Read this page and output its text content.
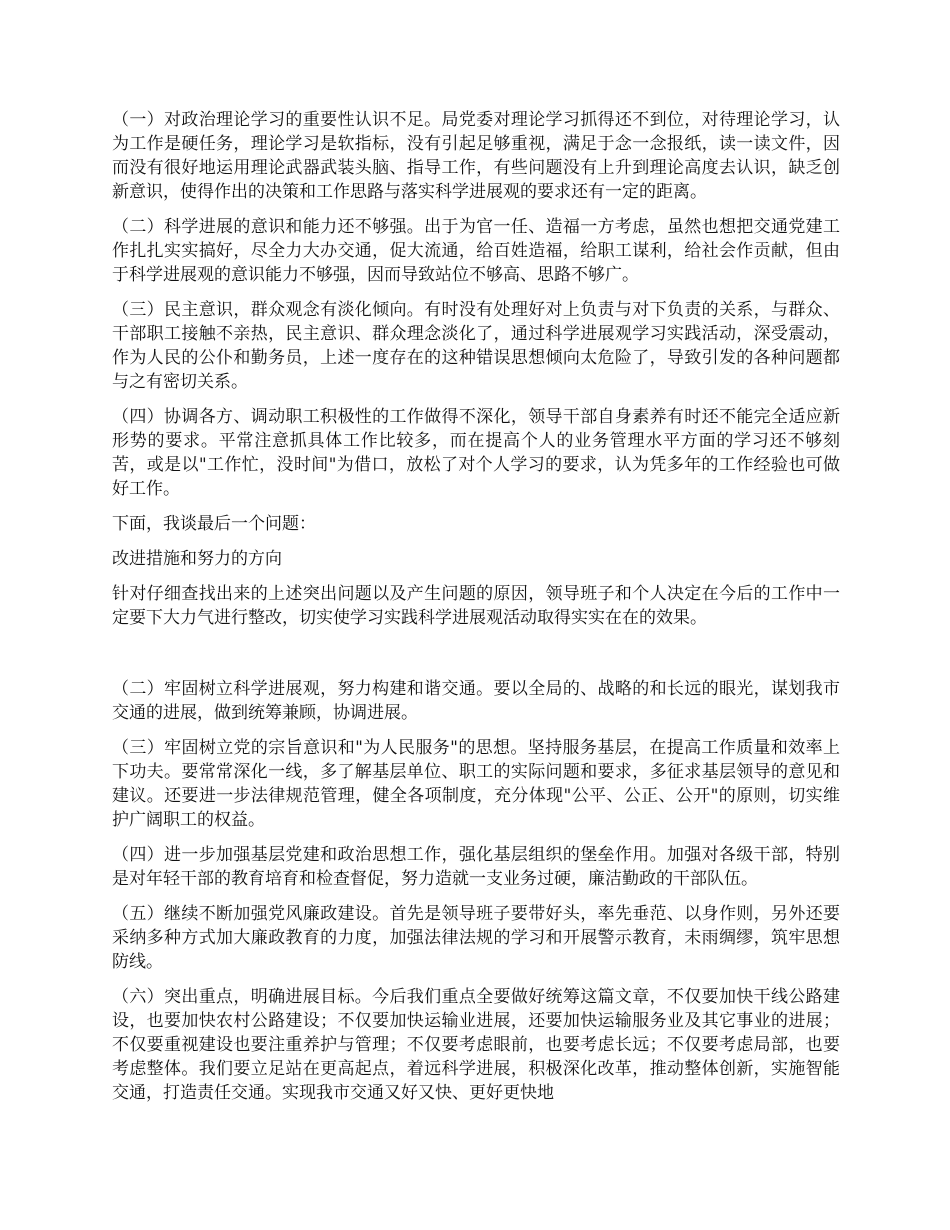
（一）对政治理论学习的重要性认识不足。局党委对理论学习抓得还不到位，对待理论学习，认为工作是硬任务，理论学习是软指标，没有引起足够重视，满足于念一念报纸，读一读文件，因而没有很好地运用理论武器武装头脑、指导工作，有些问题没有上升到理论高度去认识，缺乏创新意识，使得作出的决策和工作思路与落实科学进展观的要求还有一定的距离。

（二）科学进展的意识和能力还不够强。出于为官一任、造福一方考虑，虽然也想把交通党建工作扎扎实实搞好，尽全力大办交通，促大流通，给百姓造福，给职工谋利，给社会作贡献，但由于科学进展观的意识能力不够强，因而导致站位不够高、思路不够广。

（三）民主意识，群众观念有淡化倾向。有时没有处理好对上负责与对下负责的关系，与群众、干部职工接触不亲热，民主意识、群众理念淡化了，通过科学进展观学习实践活动，深受震动，作为人民的公仆和勤务员，上述一度存在的这种错误思想倾向太危险了，导致引发的各种问题都与之有密切关系。

（四）协调各方、调动职工积极性的工作做得不深化，领导干部自身素养有时还不能完全适应新形势的要求。平常注意抓具体工作比较多，而在提高个人的业务管理水平方面的学习还不够刻苦，或是以"工作忙，没时间"为借口，放松了对个人学习的要求，认为凭多年的工作经验也可做好工作。

下面，我谈最后一个问题：

改进措施和努力的方向

针对仔细查找出来的上述突出问题以及产生问题的原因，领导班子和个人决定在今后的工作中一定要下大力气进行整改，切实使学习实践科学进展观活动取得实实在在的效果。

（二）牢固树立科学进展观，努力构建和谐交通。要以全局的、战略的和长远的眼光，谋划我市交通的进展，做到统筹兼顾，协调进展。

（三）牢固树立党的宗旨意识和"为人民服务"的思想。坚持服务基层，在提高工作质量和效率上下功夫。要常常深化一线，多了解基层单位、职工的实际问题和要求，多征求基层领导的意见和建议。还要进一步法律规范管理，健全各项制度，充分体现"公平、公正、公开"的原则，切实维护广阔职工的权益。

（四）进一步加强基层党建和政治思想工作，强化基层组织的堡垒作用。加强对各级干部，特别是对年轻干部的教育培育和检查督促，努力造就一支业务过硬，廉洁勤政的干部队伍。

（五）继续不断加强党风廉政建设。首先是领导班子要带好头，率先垂范、以身作则，另外还要采纳多种方式加大廉政教育的力度，加强法律法规的学习和开展警示教育，未雨绸缪，筑牢思想防线。

（六）突出重点，明确进展目标。今后我们重点全要做好统筹这篇文章，不仅要加快干线公路建设，也要加快农村公路建设；不仅要加快运输业进展，还要加快运输服务业及其它事业的进展；不仅要重视建设也要注重养护与管理；不仅要考虑眼前，也要考虑长远；不仅要考虑局部，也要考虑整体。我们要立足站在更高起点，着远科学进展，积极深化改革，推动整体创新，实施智能交通，打造责任交通。实现我市交通又好又快、更好更快地
